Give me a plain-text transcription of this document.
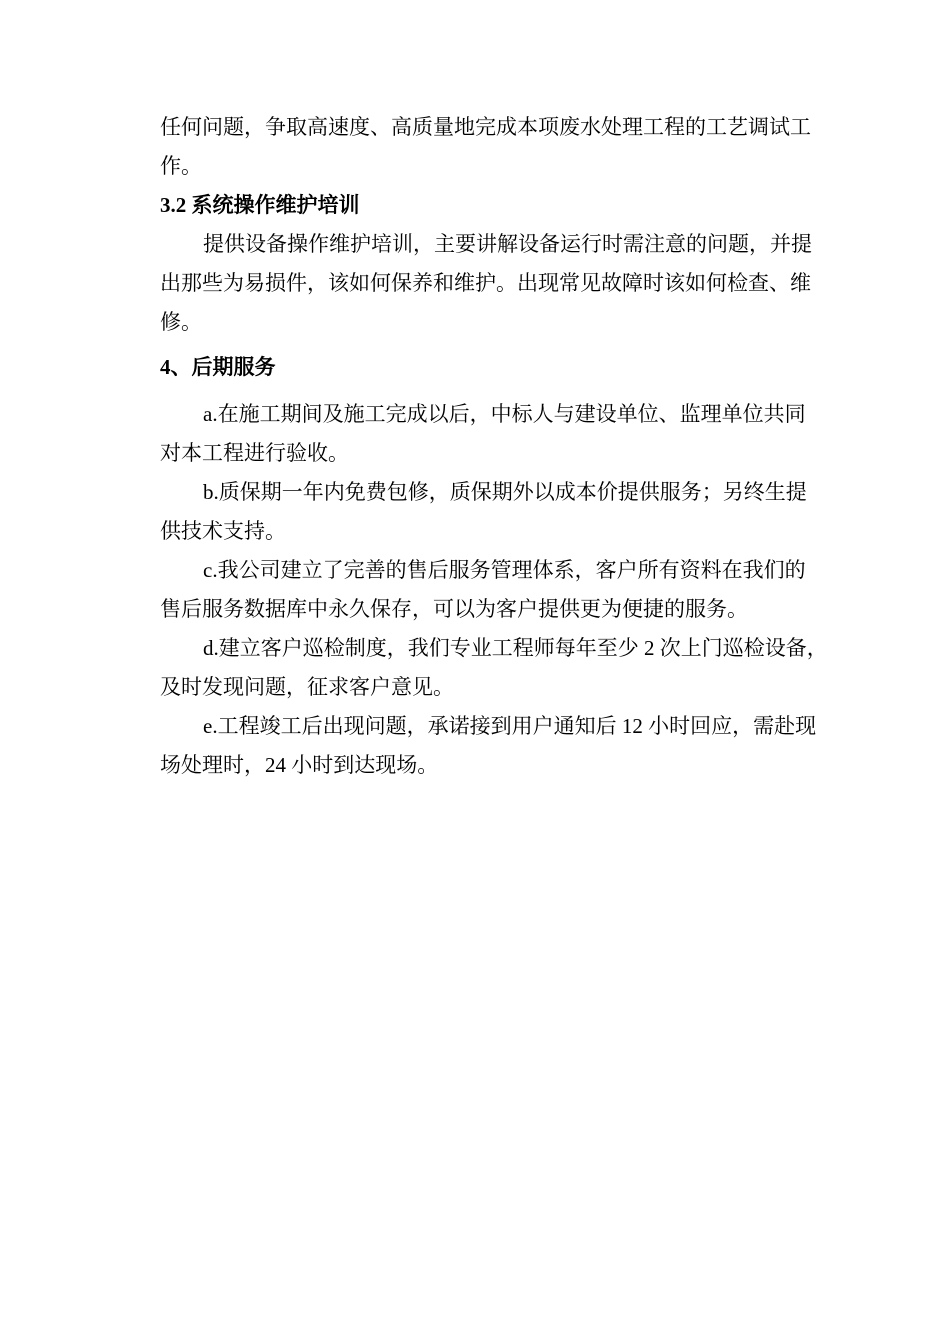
任何问题，争取高速度、高质量地完成本项废水处理工程的工艺调试工
作。

3.2 系统操作维护培训

提供设备操作维护培训，主要讲解设备运行时需注意的问题，并提
出那些为易损件，该如何保养和维护。出现常见故障时该如何检查、维
修。

4、后期服务

a.在施工期间及施工完成以后，中标人与建设单位、监理单位共同
对本工程进行验收。

b.质保期一年内免费包修，质保期外以成本价提供服务；另终生提
供技术支持。

c.我公司建立了完善的售后服务管理体系，客户所有资料在我们的
售后服务数据库中永久保存，可以为客户提供更为便捷的服务。

d.建立客户巡检制度，我们专业工程师每年至少 2 次上门巡检设备，
及时发现问题，征求客户意见。

e.工程竣工后出现问题，承诺接到用户通知后 12 小时回应，需赴现
场处理时，24 小时到达现场。
